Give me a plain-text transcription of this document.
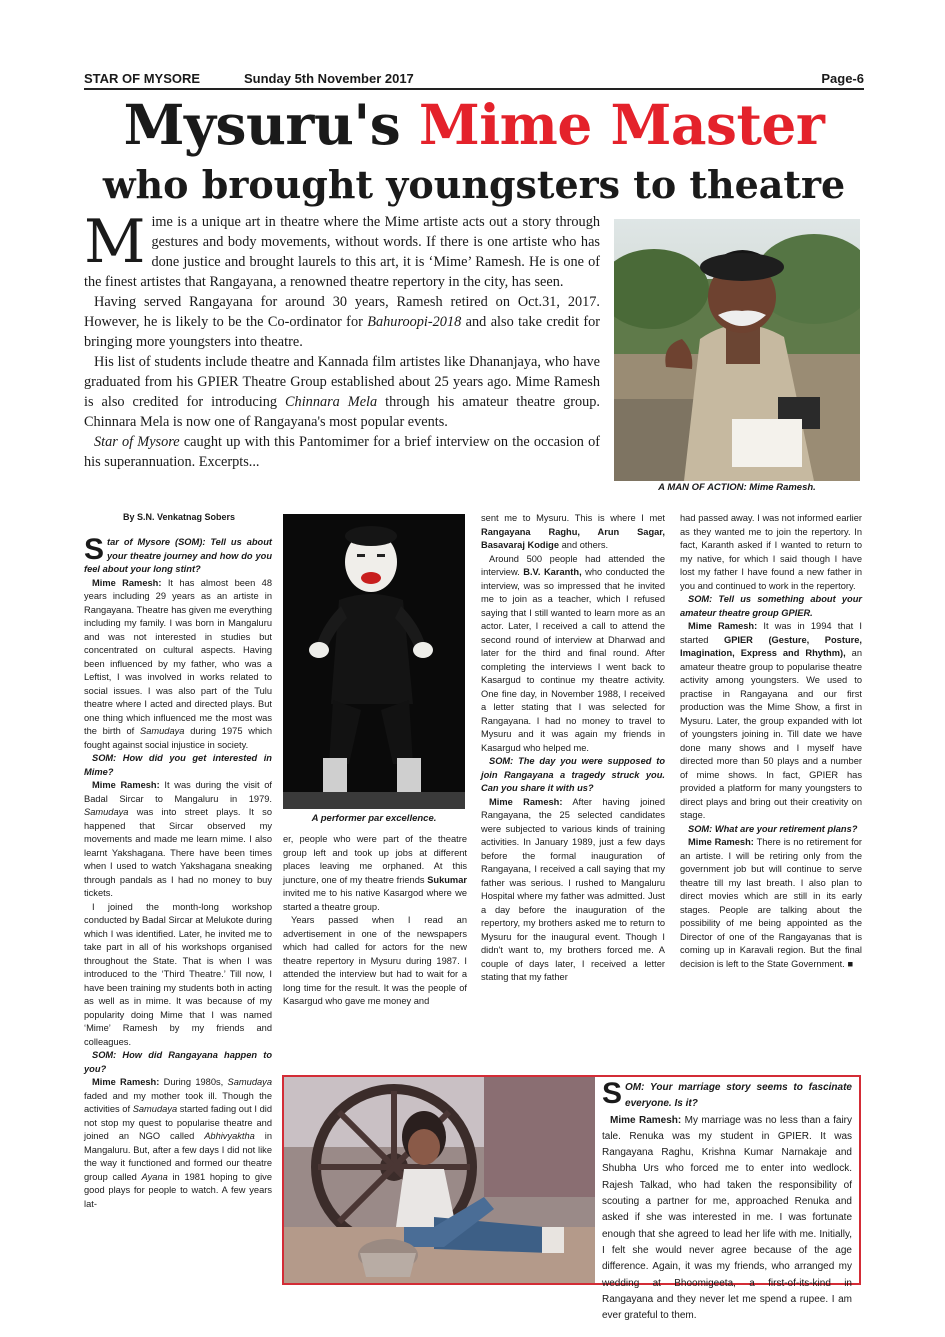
STAR OF MYSORE	Sunday 5th November 2017	Page-6
Mysuru's Mime Master
who brought youngsters to theatre

Mime is a unique art in theatre where the Mime artiste acts out a story through gestures and body movements, without words. If there is one artiste who has done justice and brought laurels to this art, it is ‘Mime’ Ramesh. He is one of the finest artistes that Rangayana, a renowned theatre repertory in the city, has seen.

Having served Rangayana for around 30 years, Ramesh retired on Oct.31, 2017. However, he is likely to be the Co-ordinator for Bahuroopi-2018 and also take credit for bringing more youngsters into theatre.

His list of students include theatre and Kannada film artistes like Dhananjaya, who have graduated from his GPIER Theatre Group established about 25 years ago. Mime Ramesh is also credited for introducing Chinnara Mela through his amateur theatre group. Chinnara Mela is now one of Rangayana's most popular events.

Star of Mysore caught up with this Pantomimer for a brief interview on the occasion of his superannuation. Excerpts...

A MAN OF ACTION: Mime Ramesh.
By S.N. Venkatnag Sobers

Star of Mysore (SOM): Tell us about your theatre journey and how do you feel about your long stint?

Mime Ramesh: It has almost been 48 years including 29 years as an artiste in Rangayana. Theatre has given me everything including my family. I was born in Mangaluru and was not interested in studies but concentrated on cultural aspects. Having been influenced by my father, who was a Leftist, I was involved in works related to social issues. I was also part of the Tulu theatre where I acted and directed plays. But one thing which influenced me the most was the birth of Samudaya during 1975 which fought against social injustice in society.

SOM: How did you get interested in Mime?

Mime Ramesh: It was during the visit of Badal Sircar to Mangaluru in 1979. Samudaya was into street plays. It so happened that Sircar observed my movements and made me learn mime. I also learnt Yakshagana. There have been times when I used to watch Yakshagana sneaking through pandals as I had no money to buy tickets.

I joined the month-long workshop conducted by Badal Sircar at Melukote during which I was identified. Later, he invited me to take part in all of his workshops organised throughout the State. That is when I was introduced to the ‘Third Theatre.’ Till now, I have been training my students both in acting as well as in mime. It was because of my popularity doing Mime that I was named ‘Mime’ Ramesh by my friends and colleagues.

SOM: How did Rangayana happen to you?

Mime Ramesh: During 1980s, Samudaya faded and my mother took ill. Though the activities of Samudaya started fading out I did not stop my quest to popularise theatre and joined an NGO called Abhivyaktha in Mangaluru. But, after a few days I did not like the way it functioned and formed our theatre group called Ayana in 1981 hoping to give good plays for people to watch. A few years lat-

A performer par excellence.

er, people who were part of the theatre group left and took up jobs at different places leaving me orphaned. At this juncture, one of my theatre friends Sukumar invited me to his native Kasargod where we started a theatre group.

Years passed when I read an advertisement in one of the newspapers which had called for actors for the new theatre repertory in Mysuru during 1987. I attended the interview but had to wait for a long time for the result. It was the people of Kasargud who gave me money and

sent me to Mysuru. This is where I met Rangayana Raghu, Arun Sagar, Basavaraj Kodige and others.

Around 500 people had attended the interview. B.V. Karanth, who conducted the interview, was so impressed that he invited me to join as a teacher, which I refused saying that I still wanted to learn more as an actor. Later, I received a call to attend the second round of interview at Dharwad and later for the third and final round. After completing the interviews I went back to Kasargud to continue my theatre activity. One fine day, in November 1988, I received a letter stating that I was selected for Rangayana. I had no money to travel to Mysuru and it was again my friends in Kasargud who helped me.

SOM: The day you were supposed to join Rangayana a tragedy struck you. Can you share it with us?

Mime Ramesh: After having joined Rangayana, the 25 selected candidates were subjected to various kinds of training activities. In January 1989, just a few days before the formal inauguration of Rangayana, I received a call saying that my father was serious. I rushed to Mangaluru Hospital where my father was admitted. Just a day before the inauguration of the repertory, my brothers asked me to return to Mysuru for the inaugural event. Though I didn't want to, my brothers forced me. A couple of days later, I received a letter stating that my father

had passed away. I was not informed earlier as they wanted me to join the repertory. In fact, Karanth asked if I wanted to return to my native, for which I said though I have lost my father I have found a new father in you and continued to work in the repertory.

SOM: Tell us something about your amateur theatre group GPIER.

Mime Ramesh: It was in 1994 that I started GPIER (Gesture, Posture, Imagination, Express and Rhythm), an amateur theatre group to popularise theatre activity among youngsters. We used to practise in Rangayana and our first production was the Mime Show, a first in Mysuru. Later, the group expanded with lot of youngsters joining in. Till date we have done many shows and I myself have directed more than 50 plays and a number of mime shows. In fact, GPIER has provided a platform for many youngsters to direct plays and bring out their creativity on stage.

SOM: What are your retirement plans?

Mime Ramesh: There is no retirement for an artiste. I will be retiring only from the government job but will continue to serve theatre till my last breath. I also plan to direct movies which are still in its early stages. People are talking about the possibility of me being appointed as the Director of one of the Rangayanas that is coming up in Karavali region. But the final decision is left to the State Government. ■

SOM: Your marriage story seems to fascinate everyone. Is it?

Mime Ramesh: My marriage was no less than a fairy tale. Renuka was my student in GPIER. It was Rangayana Raghu, Krishna Kumar Narnakaje and Shubha Urs who forced me to enter into wedlock. Rajesh Talkad, who had taken the responsibility of scouting a partner for me, approached Renuka and asked if she was interested in me. I was fortunate enough that she agreed to lead her life with me. Initially, I felt she would never agree because of the age difference. Again, it was my friends, who arranged my wedding at Bhoomigeeta, a first-of-its-kind in Rangayana and they never let me spend a rupee. I am ever grateful to them.
